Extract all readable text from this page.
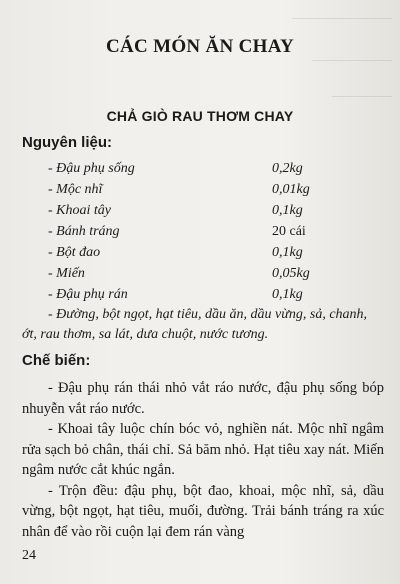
CÁC MÓN ĂN CHAY
CHẢ GIÒ RAU THƠM CHAY
Nguyên liệu:
- Đậu phụ sống	0,2kg
- Mộc nhĩ	0,01kg
- Khoai tây	0,1kg
- Bánh tráng	20 cái
- Bột đao	0,1kg
- Miến	0,05kg
- Đậu phụ rán	0,1kg

- Đường, bột ngọt, hạt tiêu, dầu ăn, dầu vừng, sả, chanh, ớt, rau thơm, sa lát, dưa chuột, nước tương.

Chế biến:

- Đậu phụ rán thái nhỏ vắt ráo nước, đậu phụ sống bóp nhuyễn vắt ráo nước.

- Khoai tây luộc chín bóc vỏ, nghiền nát. Mộc nhĩ ngâm rửa sạch bỏ chân, thái chỉ. Sả băm nhỏ. Hạt tiêu xay nát. Miến ngâm nước cắt khúc ngắn.

- Trộn đều: đậu phụ, bột đao, khoai, mộc nhĩ, sả, dầu vừng, bột ngọt, hạt tiêu, muối, đường. Trải bánh tráng ra xúc nhân để vào rồi cuộn lại đem rán vàng

24
